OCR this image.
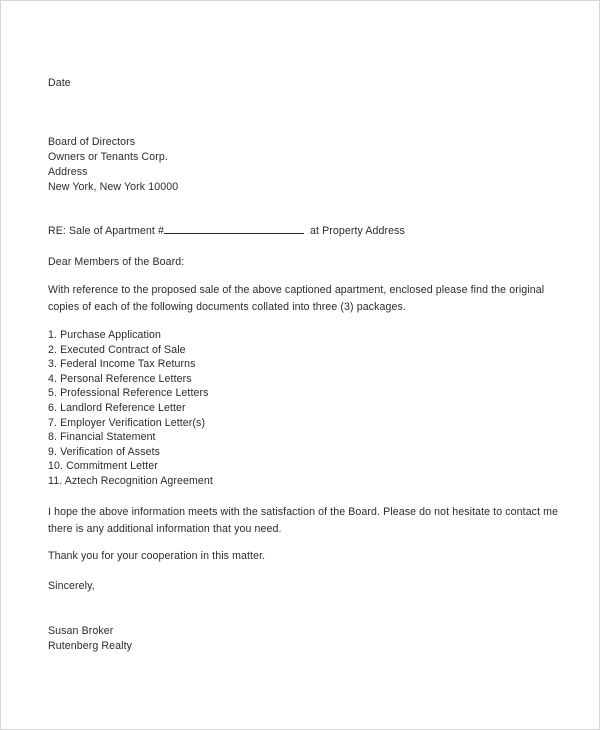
Date
Board of Directors
Owners or Tenants Corp.
Address
New York, New York 10000
RE: Sale of Apartment #	at Property Address
Dear Members of the Board:
With reference to the proposed sale of the above captioned apartment, enclosed please find the original copies of each of the following documents collated into three (3) packages.
1. Purchase Application
2. Executed Contract of Sale
3. Federal Income Tax Returns
4. Personal Reference Letters
5. Professional Reference Letters
6. Landlord Reference Letter
7. Employer Verification Letter(s)
8. Financial Statement
9. Verification of Assets
10. Commitment Letter
11. Aztech Recognition Agreement
I hope the above information meets with the satisfaction of the Board. Please do not hesitate to contact me there is any additional information that you need.
Thank you for your cooperation in this matter.
Sincerely,
Susan Broker
Rutenberg Realty
